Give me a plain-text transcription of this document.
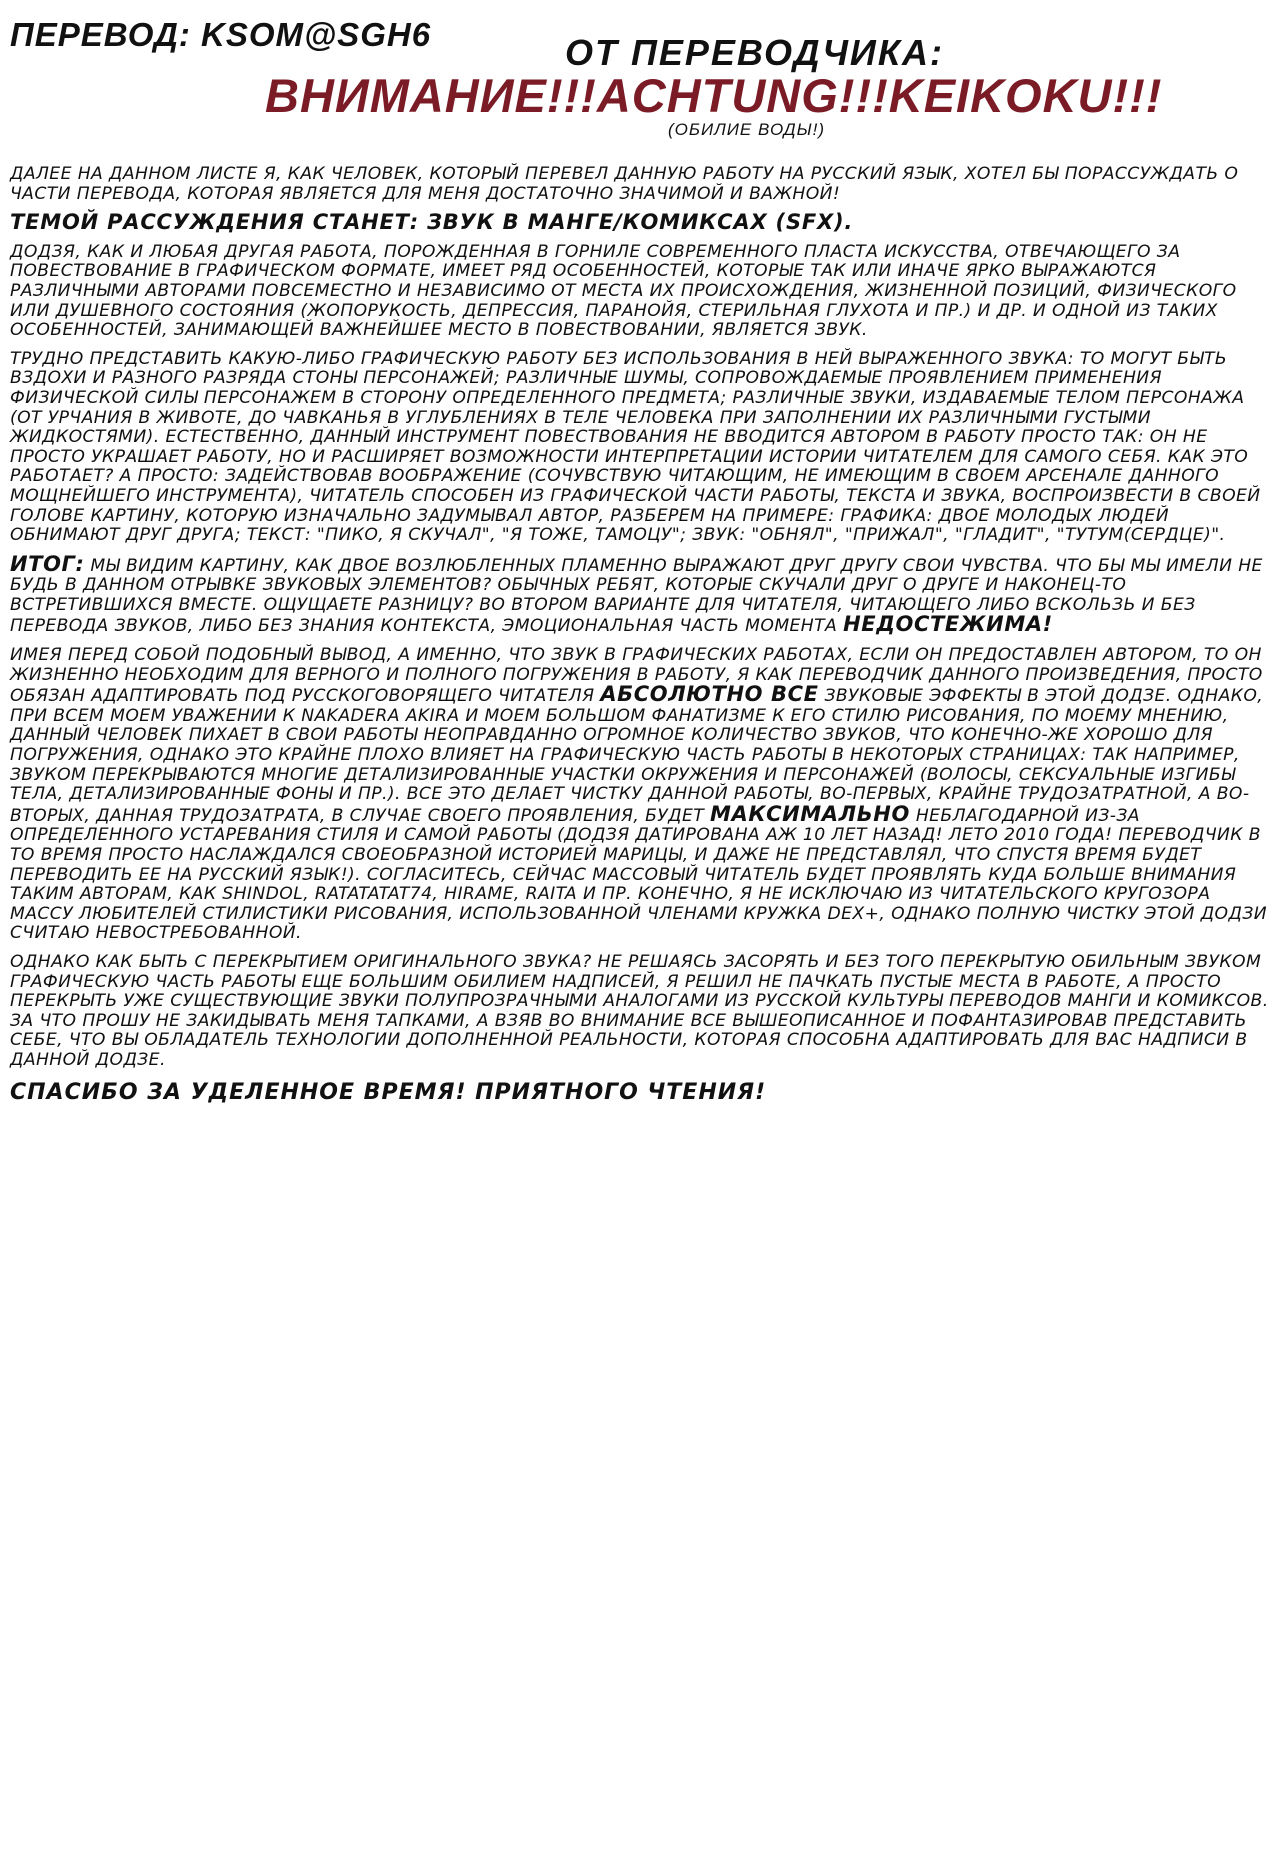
ПЕРЕВОД: KSOM@SGH6	ОТ ПЕРЕВОДЧИКА:
ВНИМАНИЕ!!!ACHTUNG!!!KEIKOKU!!!
(ОБИЛИЕ ВОДЫ!)

ДАЛЕЕ НА ДАННОМ ЛИСТЕ Я, КАК ЧЕЛОВЕК, КОТОРЫЙ ПЕРЕВЕЛ ДАННУЮ РАБОТУ НА РУССКИЙ ЯЗЫК, ХОТЕЛ БЫ ПОРАССУЖДАТЬ О ЧАСТИ ПЕРЕВОДА, КОТОРАЯ ЯВЛЯЕТСЯ ДЛЯ МЕНЯ ДОСТАТОЧНО ЗНАЧИМОЙ И ВАЖНОЙ!

ТЕМОЙ РАССУЖДЕНИЯ СТАНЕТ: ЗВУК В МАНГЕ/КОМИКСАХ (SFX).

ДОДЗЯ, КАК И ЛЮБАЯ ДРУГАЯ РАБОТА, ПОРОЖДЕННАЯ В ГОРНИЛЕ СОВРЕМЕННОГО ПЛАСТА ИСКУССТВА, ОТВЕЧАЮЩЕГО ЗА ПОВЕСТВОВАНИЕ В ГРАФИЧЕСКОМ ФОРМАТЕ, ИМЕЕТ РЯД ОСОБЕННОСТЕЙ, КОТОРЫЕ ТАК ИЛИ ИНАЧЕ ЯРКО ВЫРАЖАЮТСЯ РАЗЛИЧНЫМИ АВТОРАМИ ПОВСЕМЕСТНО И НЕЗАВИСИМО ОТ МЕСТА ИХ ПРОИСХОЖДЕНИЯ, ЖИЗНЕННОЙ ПОЗИЦИЙ, ФИЗИЧЕСКОГО ИЛИ ДУШЕВНОГО СОСТОЯНИЯ (ЖОПОРУКОСТЬ, ДЕПРЕССИЯ, ПАРАНОЙЯ, СТЕРИЛЬНАЯ ГЛУХОТА И ПР.) И ДР. И ОДНОЙ ИЗ ТАКИХ ОСОБЕННОСТЕЙ, ЗАНИМАЮЩЕЙ ВАЖНЕЙШЕЕ МЕСТО В ПОВЕСТВОВАНИИ, ЯВЛЯЕТСЯ ЗВУК.

ТРУДНО ПРЕДСТАВИТЬ КАКУЮ-ЛИБО ГРАФИЧЕСКУЮ РАБОТУ БЕЗ ИСПОЛЬЗОВАНИЯ В НЕЙ ВЫРАЖЕННОГО ЗВУКА: ТО МОГУТ БЫТЬ ВЗДОХИ И РАЗНОГО РАЗРЯДА СТОНЫ ПЕРСОНАЖЕЙ; РАЗЛИЧНЫЕ ШУМЫ, СОПРОВОЖДАЕМЫЕ ПРОЯВЛЕНИЕМ ПРИМЕНЕНИЯ ФИЗИЧЕСКОЙ СИЛЫ ПЕРСОНАЖЕМ В СТОРОНУ ОПРЕДЕЛЕННОГО ПРЕДМЕТА; РАЗЛИЧНЫЕ ЗВУКИ, ИЗДАВАЕМЫЕ ТЕЛОМ ПЕРСОНАЖА (ОТ УРЧАНИЯ В ЖИВОТЕ, ДО ЧАВКАНЬЯ В УГЛУБЛЕНИЯХ В ТЕЛЕ ЧЕЛОВЕКА ПРИ ЗАПОЛНЕНИИ ИХ РАЗЛИЧНЫМИ ГУСТЫМИ ЖИДКОСТЯМИ). ЕСТЕСТВЕННО, ДАННЫЙ ИНСТРУМЕНТ ПОВЕСТВОВАНИЯ НЕ ВВОДИТСЯ АВТОРОМ В РАБОТУ ПРОСТО ТАК: ОН НЕ ПРОСТО УКРАШАЕТ РАБОТУ, НО И РАСШИРЯЕТ ВОЗМОЖНОСТИ ИНТЕРПРЕТАЦИИ ИСТОРИИ ЧИТАТЕЛЕМ ДЛЯ САМОГО СЕБЯ. КАК ЭТО РАБОТАЕТ? А ПРОСТО: ЗАДЕЙСТВОВАВ ВООБРАЖЕНИЕ (СОЧУВСТВУЮ ЧИТАЮЩИМ, НЕ ИМЕЮЩИМ В СВОЕМ АРСЕНАЛЕ ДАННОГО МОЩНЕЙШЕГО ИНСТРУМЕНТА), ЧИТАТЕЛЬ СПОСОБЕН ИЗ ГРАФИЧЕСКОЙ ЧАСТИ РАБОТЫ, ТЕКСТА И ЗВУКА, ВОСПРОИЗВЕСТИ В СВОЕЙ ГОЛОВЕ КАРТИНУ, КОТОРУЮ ИЗНАЧАЛЬНО ЗАДУМЫВАЛ АВТОР, РАЗБЕРЕМ НА ПРИМЕРЕ: ГРАФИКА: ДВОЕ МОЛОДЫХ ЛЮДЕЙ ОБНИМАЮТ ДРУГ ДРУГА; ТЕКСТ: "ПИКО, Я СКУЧАЛ", "Я ТОЖЕ, ТАМОЦУ"; ЗВУК: "ОБНЯЛ", "ПРИЖАЛ", "ГЛАДИТ", "ТУТУМ(СЕРДЦЕ)".

ИТОГ: МЫ ВИДИМ КАРТИНУ, КАК ДВОЕ ВОЗЛЮБЛЕННЫХ ПЛАМЕННО ВЫРАЖАЮТ ДРУГ ДРУГУ СВОИ ЧУВСТВА. ЧТО БЫ МЫ ИМЕЛИ НЕ БУДЬ В ДАННОМ ОТРЫВКЕ ЗВУКОВЫХ ЭЛЕМЕНТОВ? ОБЫЧНЫХ РЕБЯТ, КОТОРЫЕ СКУЧАЛИ ДРУГ О ДРУГЕ И НАКОНЕЦ-ТО ВСТРЕТИВШИХСЯ ВМЕСТЕ. ОЩУЩАЕТЕ РАЗНИЦУ? ВО ВТОРОМ ВАРИАНТЕ ДЛЯ ЧИТАТЕЛЯ, ЧИТАЮЩЕГО ЛИБО ВСКОЛЬЗЬ И БЕЗ ПЕРЕВОДА ЗВУКОВ, ЛИБО БЕЗ ЗНАНИЯ КОНТЕКСТА, ЭМОЦИОНАЛЬНАЯ ЧАСТЬ МОМЕНТА НЕДОСТЕЖИМА!

ИМЕЯ ПЕРЕД СОБОЙ ПОДОБНЫЙ ВЫВОД, А ИМЕННО, ЧТО ЗВУК В ГРАФИЧЕСКИХ РАБОТАХ, ЕСЛИ ОН ПРЕДОСТАВЛЕН АВТОРОМ, ТО ОН ЖИЗНЕННО НЕОБХОДИМ ДЛЯ ВЕРНОГО И ПОЛНОГО ПОГРУЖЕНИЯ В РАБОТУ, Я КАК ПЕРЕВОДЧИК ДАННОГО ПРОИЗВЕДЕНИЯ, ПРОСТО ОБЯЗАН АДАПТИРОВАТЬ ПОД РУССКОГОВОРЯЩЕГО ЧИТАТЕЛЯ АБСОЛЮТНО ВСЕ ЗВУКОВЫЕ ЭФФЕКТЫ В ЭТОЙ ДОДЗЕ. ОДНАКО, ПРИ ВСЕМ МОЕМ УВАЖЕНИИ К NAKADERA AKIRA И МОЕМ БОЛЬШОМ ФАНАТИЗМЕ К ЕГО СТИЛЮ РИСОВАНИЯ, ПО МОЕМУ МНЕНИЮ, ДАННЫЙ ЧЕЛОВЕК ПИХАЕТ В СВОИ РАБОТЫ НЕОПРАВДАННО ОГРОМНОЕ КОЛИЧЕСТВО ЗВУКОВ, ЧТО КОНЕЧНО-ЖЕ ХОРОШО ДЛЯ ПОГРУЖЕНИЯ, ОДНАКО ЭТО КРАЙНЕ ПЛОХО ВЛИЯЕТ НА ГРАФИЧЕСКУЮ ЧАСТЬ РАБОТЫ В НЕКОТОРЫХ СТРАНИЦАХ: ТАК НАПРИМЕР, ЗВУКОМ ПЕРЕКРЫВАЮТСЯ МНОГИЕ ДЕТАЛИЗИРОВАННЫЕ УЧАСТКИ ОКРУЖЕНИЯ И ПЕРСОНАЖЕЙ (ВОЛОСЫ, СЕКСУАЛЬНЫЕ ИЗГИБЫ ТЕЛА, ДЕТАЛИЗИРОВАННЫЕ ФОНЫ И ПР.). ВСЕ ЭТО ДЕЛАЕТ ЧИСТКУ ДАННОЙ РАБОТЫ, ВО-ПЕРВЫХ, КРАЙНЕ ТРУДОЗАТРАТНОЙ, А ВО-ВТОРЫХ, ДАННАЯ ТРУДОЗАТРАТА, В СЛУЧАЕ СВОЕГО ПРОЯВЛЕНИЯ, БУДЕТ МАКСИМАЛЬНО НЕБЛАГОДАРНОЙ ИЗ-ЗА ОПРЕДЕЛЕННОГО УСТАРЕВАНИЯ СТИЛЯ И САМОЙ РАБОТЫ (ДОДЗЯ ДАТИРОВАНА АЖ 10 ЛЕТ НАЗАД! ЛЕТО 2010 ГОДА! ПЕРЕВОДЧИК В ТО ВРЕМЯ ПРОСТО НАСЛАЖДАЛСЯ СВОЕОБРАЗНОЙ ИСТОРИЕЙ МАРИЦЫ, И ДАЖЕ НЕ ПРЕДСТАВЛЯЛ, ЧТО СПУСТЯ ВРЕМЯ БУДЕТ ПЕРЕВОДИТЬ ЕЕ НА РУССКИЙ ЯЗЫК!). СОГЛАСИТЕСЬ, СЕЙЧАС МАССОВЫЙ ЧИТАТЕЛЬ БУДЕТ ПРОЯВЛЯТЬ КУДА БОЛЬШЕ ВНИМАНИЯ ТАКИМ АВТОРАМ, КАК SHINDOL, RATATATAT74, HIRAME, RAITA И ПР. КОНЕЧНО, Я НЕ ИСКЛЮЧАЮ ИЗ ЧИТАТЕЛЬСКОГО КРУГОЗОРА МАССУ ЛЮБИТЕЛЕЙ СТИЛИСТИКИ РИСОВАНИЯ, ИСПОЛЬЗОВАННОЙ ЧЛЕНАМИ КРУЖКА DEX+, ОДНАКО ПОЛНУЮ ЧИСТКУ ЭТОЙ ДОДЗИ СЧИТАЮ НЕВОСТРЕБОВАННОЙ.

ОДНАКО КАК БЫТЬ С ПЕРЕКРЫТИЕМ ОРИГИНАЛЬНОГО ЗВУКА? НЕ РЕШАЯСЬ ЗАСОРЯТЬ И БЕЗ ТОГО ПЕРЕКРЫТУЮ ОБИЛЬНЫМ ЗВУКОМ ГРАФИЧЕСКУЮ ЧАСТЬ РАБОТЫ ЕЩЕ БОЛЬШИМ ОБИЛИЕМ НАДПИСЕЙ, Я РЕШИЛ НЕ ПАЧКАТЬ ПУСТЫЕ МЕСТА В РАБОТЕ, А ПРОСТО ПЕРЕКРЫТЬ УЖЕ СУЩЕСТВУЮЩИЕ ЗВУКИ ПОЛУПРОЗРАЧНЫМИ АНАЛОГАМИ ИЗ РУССКОЙ КУЛЬТУРЫ ПЕРЕВОДОВ МАНГИ И КОМИКСОВ. ЗА ЧТО ПРОШУ НЕ ЗАКИДЫВАТЬ МЕНЯ ТАПКАМИ, А ВЗЯВ ВО ВНИМАНИЕ ВСЕ ВЫШЕОПИСАННОЕ И ПОФАНТАЗИРОВАВ ПРЕДСТАВИТЬ СЕБЕ, ЧТО ВЫ ОБЛАДАТЕЛЬ ТЕХНОЛОГИИ ДОПОЛНЕННОЙ РЕАЛЬНОСТИ, КОТОРАЯ СПОСОБНА АДАПТИРОВАТЬ ДЛЯ ВАС НАДПИСИ В ДАННОЙ ДОДЗЕ.

СПАСИБО ЗА УДЕЛЕННОЕ ВРЕМЯ! ПРИЯТНОГО ЧТЕНИЯ!
